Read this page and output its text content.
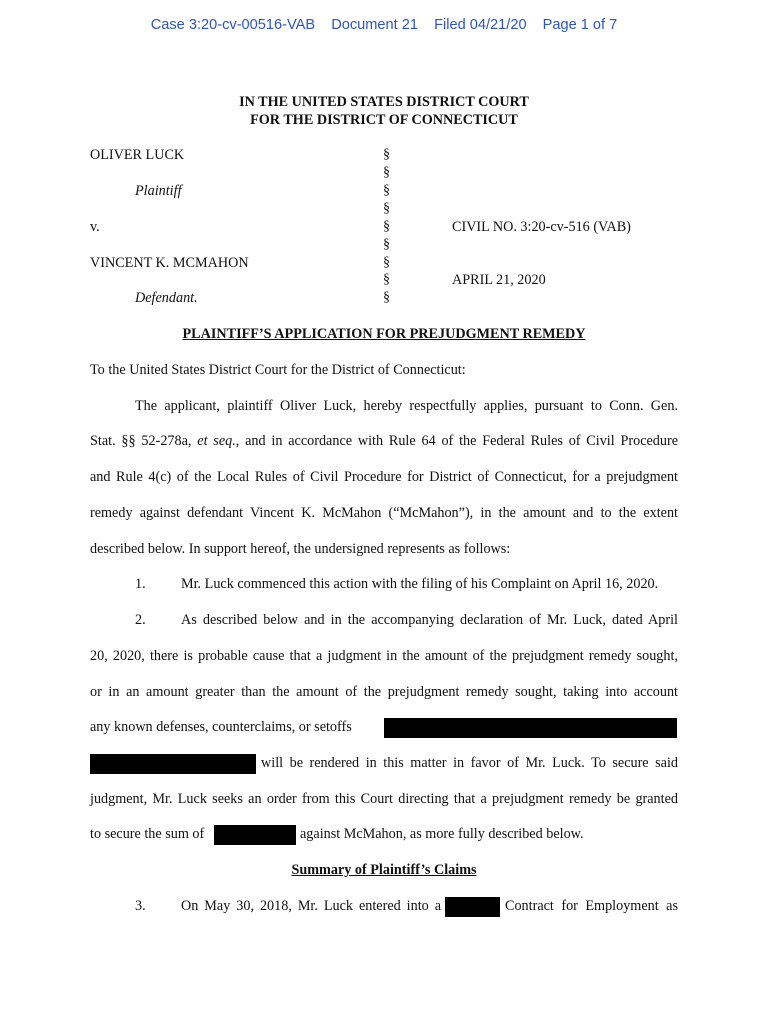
Case 3:20-cv-00516-VAB Document 21 Filed 04/21/20 Page 1 of 7
IN THE UNITED STATES DISTRICT COURT
FOR THE DISTRICT OF CONNECTICUT
OLIVER LUCK
Plaintiff
v.
VINCENT K. MCMAHON
Defendant.
§
§
§
§
§
§
§
§
§
CIVIL NO. 3:20-cv-516 (VAB)
APRIL 21, 2020
PLAINTIFF’S APPLICATION FOR PREJUDGMENT REMEDY
To the United States District Court for the District of Connecticut:
The applicant, plaintiff Oliver Luck, hereby respectfully applies, pursuant to Conn. Gen.
Stat. §§ 52-278a, et seq., and in accordance with Rule 64 of the Federal Rules of Civil Procedure
and Rule 4(c) of the Local Rules of Civil Procedure for District of Connecticut, for a prejudgment
remedy against defendant Vincent K. McMahon (“McMahon”), in the amount and to the extent
described below. In support hereof, the undersigned represents as follows:
1. Mr. Luck commenced this action with the filing of his Complaint on April 16, 2020.
2. As described below and in the accompanying declaration of Mr. Luck, dated April
20, 2020, there is probable cause that a judgment in the amount of the prejudgment remedy sought,
or in an amount greater than the amount of the prejudgment remedy sought, taking into account
any known defenses, counterclaims, or setoffs
will be rendered in this matter in favor of Mr. Luck. To secure said
judgment, Mr. Luck seeks an order from this Court directing that a prejudgment remedy be granted
to secure the sum of	against McMahon, as more fully described below.
Summary of Plaintiff’s Claims
3. On May 30, 2018, Mr. Luck entered into a	Contract for Employment as
